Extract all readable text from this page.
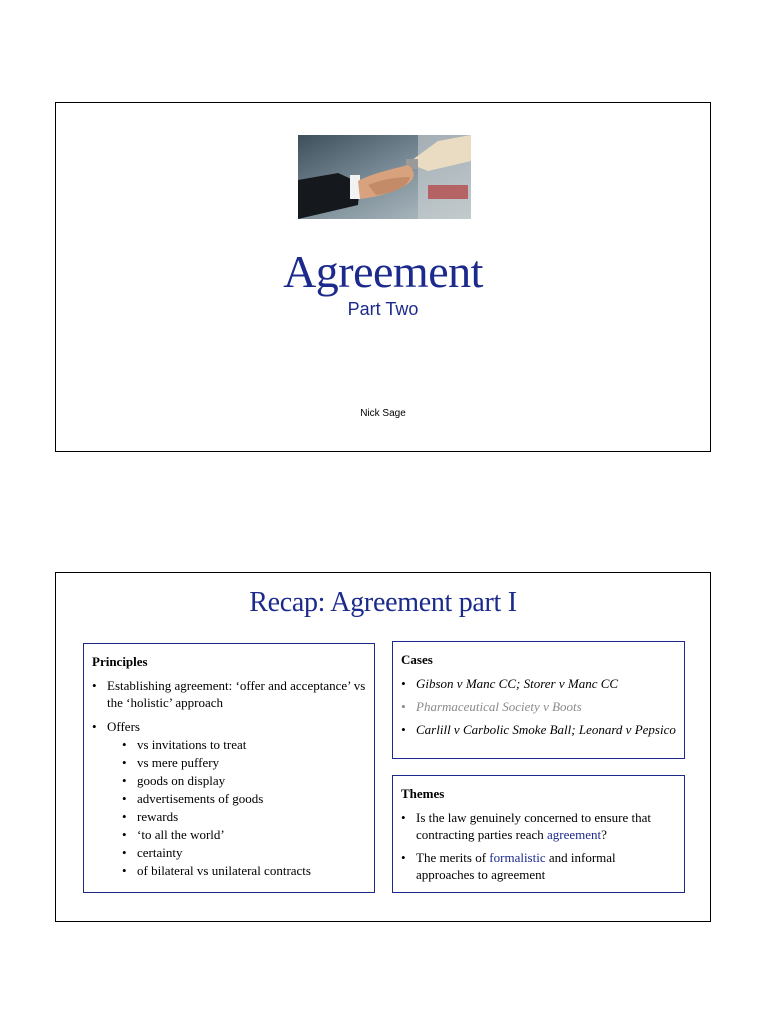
Agreement
Part Two
Nick Sage
Recap: Agreement part I
Principles
• Establishing agreement: ‘offer and acceptance’ vs the ‘holistic’ approach
• Offers
• vs invitations to treat
• vs mere puffery
• goods on display
• advertisements of goods
• rewards
• ‘to all the world’
• certainty
• of bilateral vs unilateral contracts
Cases
• Gibson v Manc CC; Storer v Manc CC
• Pharmaceutical Society v Boots
• Carlill v Carbolic Smoke Ball; Leonard v Pepsico
Themes
• Is the law genuinely concerned to ensure that contracting parties reach agreement?
• The merits of formalistic and informal approaches to agreement
